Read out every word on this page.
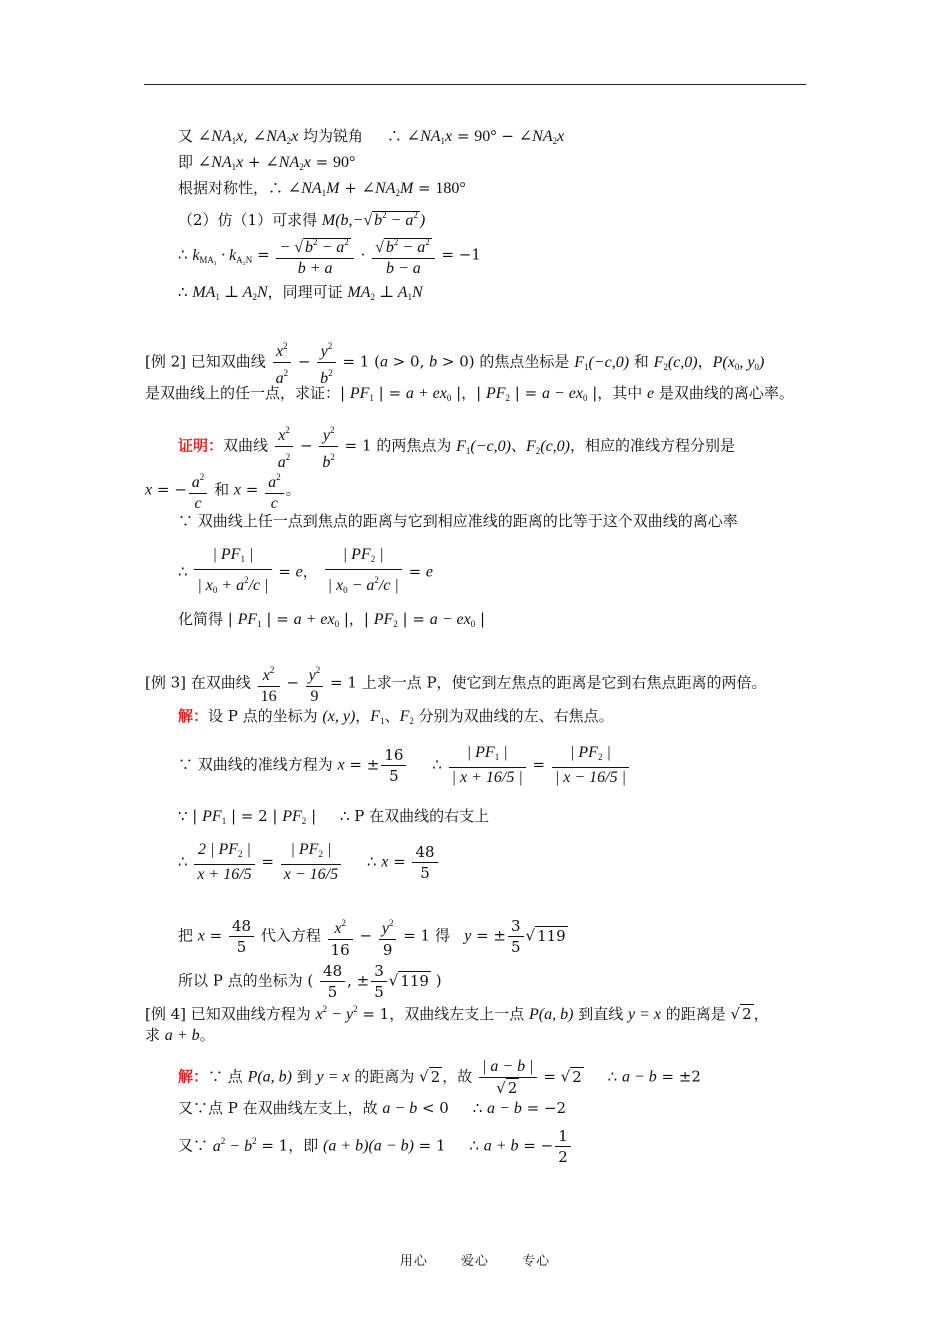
又 $\angle NA_1x$, $\angle NA_2x$ 均为锐角     ∴ $\angle NA_1x = 90^\circ$ − $\angle NA_2x$
即 $\angle NA_1x$ + $\angle NA_2x = 90^\circ$
根据对称性，∴ $\angle NA_1M$ + $\angle NA_2M = 180^\circ$
（2）仿（1）可求得 M(b,−√ $b^2 - a^2$ )
∴ $k_{MA_1} \cdot k_{A_2N} = \frac{- √ b^2 - a^2}{b + a} \cdot \frac{√ b^2 - a^2}{b - a} = -1$
∴ $MA_1$ ⊥ $A_2N$，同理可证 $MA_2$ ⊥ $A_1N$
[例 2] 已知双曲线 $\frac{x^2}{a^2} - \frac{y^2}{b^2} = 1$ (a > 0, b > 0) 的焦点坐标是 $F_1(-c,0)$ 和 $F_2(c,0)$，$P(x_0$, $y_0$)
是双曲线上的任一点，求证：| $PF_1$ | = $a + ex_0$ |，| $PF_2$ | = $a - ex_0$ |，其中 e 是双曲线的离心率。
证明：双曲线 $\frac{x^2}{a^2} - \frac{y^2}{b^2} = 1$ 的两焦点为 $F_1(-c,0)$、$F_2(c,0)$，相应的准线方程分别是
x = − $\frac{a^2}{c}$ 和 $x = \frac{a^2}{c}$ 。
∵ 双曲线上任一点到焦点的距离与它到相应准线的距离的比等于这个双曲线的离心率
∴ $\frac{| PF_1 |}{| x_0 + a^2/c |} = e$， $\frac{| PF_2 |}{| x_0 - a^2/c |} = e$
化简得 | $PF_1$ | = $a + ex_0$ |，| $PF_2$ | = $a - ex_0$ |
[例 3] 在双曲线 $\frac{x^2}{16} - \frac{y^2}{9} = 1$ 上求一点 P，使它到左焦点的距离是它到右焦点距离的两倍。
解：设 P 点的坐标为 (x, y)，$F_1$、$F_2$ 分别为双曲线的左、右焦点。
∵ 双曲线的准线方程为 x = ± $\frac{16}{5}$ ∴ $\frac{| PF_1 |}{| x + 16/5 |} = \frac{| PF_2 |}{| x - 16/5 |}$
∵ | $PF_1$ | = 2 | $PF_2$ |     ∴ P 在双曲线的右支上
∴ $\frac{2 | PF_2 |}{x + 16/5} = \frac{| PF_2 |}{x - 16/5}$ ∴ $x = \frac{48}{5}$
把 $x = \frac{48}{5}$ 代入方程 $\frac{x^2}{16} - \frac{y^2}{9} = 1$ 得   y = ± $\frac{3}{5}$ √ 119
所以 P 点的坐标为 ( $\frac{48}{5}$ , ± $\frac{3}{5}$ √ 119 )
[例 4] 已知双曲线方程为 $x^2 - y^2 = 1$，双曲线左支上一点 P(a, b) 到直线 y = x 的距离是 √ 2 ，
求 a + b。
解：∵ 点 P(a, b) 到 y = x 的距离为 √ 2 ，故 $\frac{| a - b |}{√ 2}$ = √ 2     ∴ a − b = ±2
又∵点 P 在双曲线左支上，故 a − b < 0     ∴ a − b = −2
又∵ $a^2 - b^2 = 1$，即 (a + b)(a − b) = 1     ∴ a + b = − $\frac{1}{2}$
用心	爱心	专心
